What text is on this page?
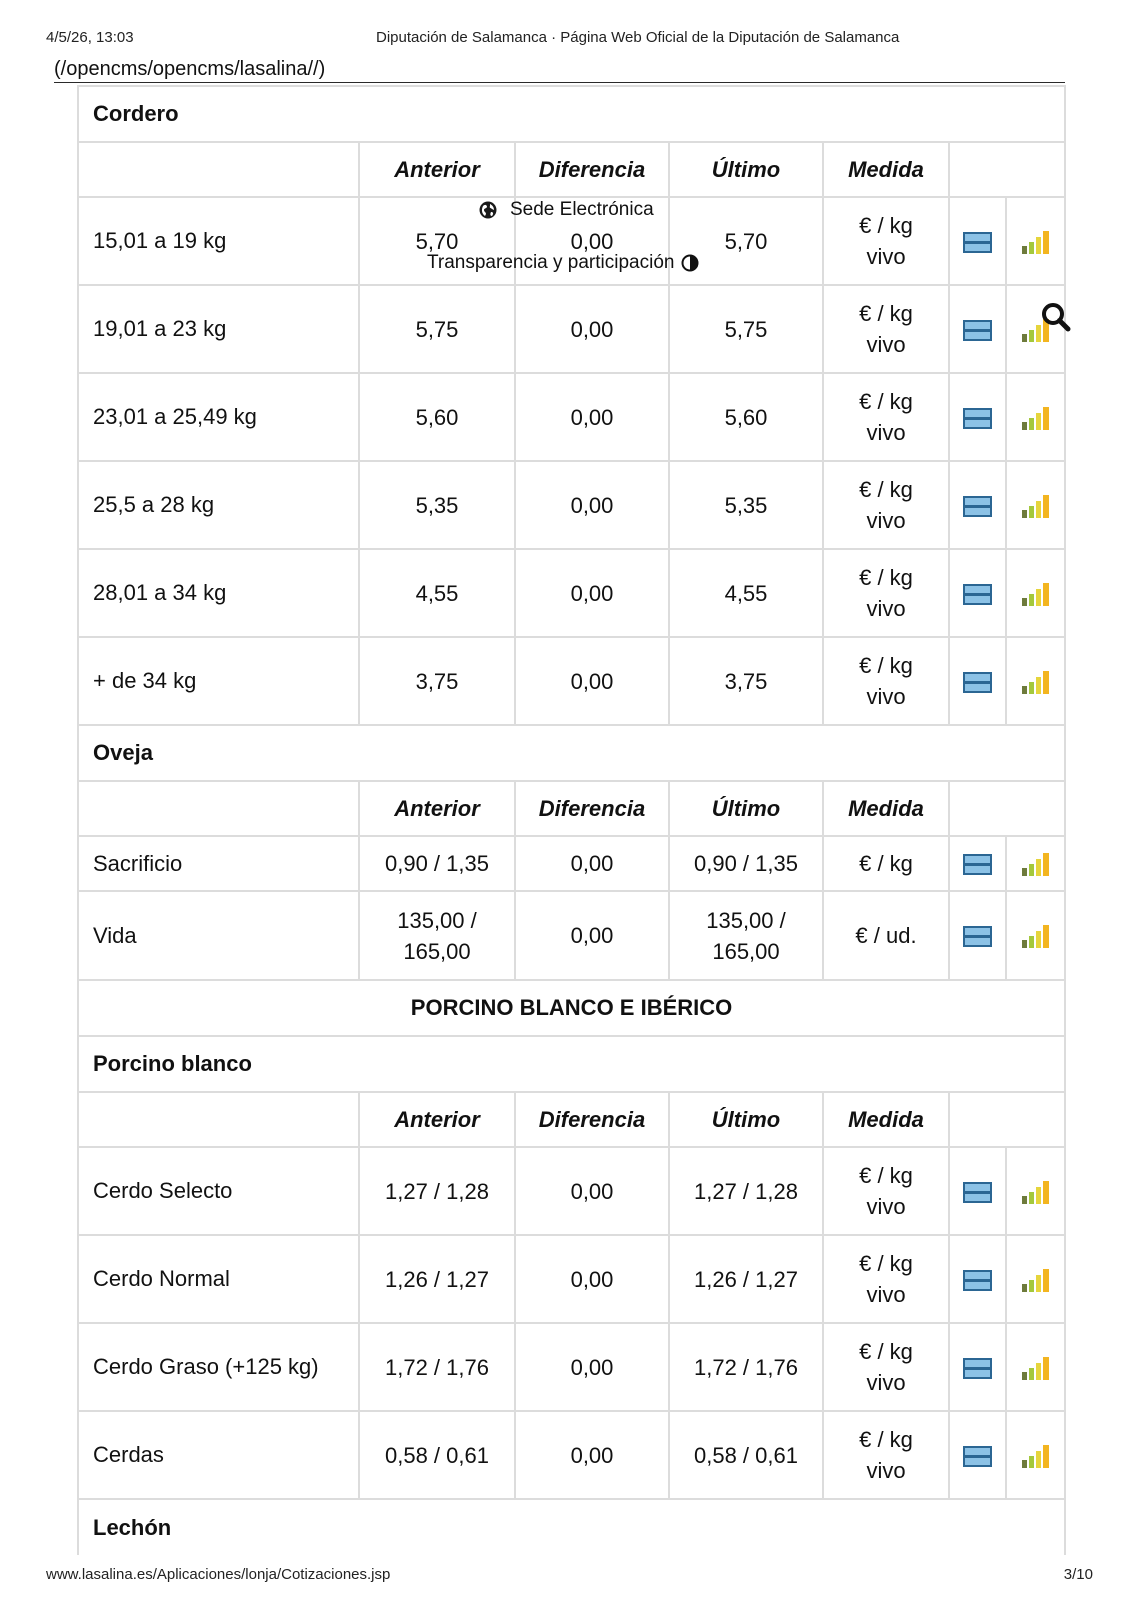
4/5/26, 13:03	Diputación de Salamanca · Página Web Oficial de la Diputación de Salamanca
(/opencms/opencms/lasalina//)
Cordero						
	Anterior	Diferencia	Último	Medida		
15,01 a 19 kg	5,70	0,00	5,70	€ / kg vivo		
19,01 a 23 kg	5,75	0,00	5,75	€ / kg vivo		
23,01 a 25,49 kg	5,60	0,00	5,60	€ / kg vivo		
25,5 a 28 kg	5,35	0,00	5,35	€ / kg vivo		
28,01 a 34 kg	4,55	0,00	4,55	€ / kg vivo		
+ de 34 kg	3,75	0,00	3,75	€ / kg vivo		
Oveja						
	Anterior	Diferencia	Último	Medida		
Sacrificio	0,90 / 1,35	0,00	0,90 / 1,35	€ / kg		
Vida	135,00 / 165,00	0,00	135,00 / 165,00	€ / ud.		
PORCINO BLANCO E IBÉRICO						
Porcino blanco						
	Anterior	Diferencia	Último	Medida		
Cerdo Selecto	1,27 / 1,28	0,00	1,27 / 1,28	€ / kg vivo		
Cerdo Normal	1,26 / 1,27	0,00	1,26 / 1,27	€ / kg vivo		
Cerdo Graso (+125 kg)	1,72 / 1,76	0,00	1,72 / 1,76	€ / kg vivo		
Cerdas	0,58 / 0,61	0,00	0,58 / 0,61	€ / kg vivo		
Lechón						
Sede Electrónica
Transparencia y participación
www.lasalina.es/Aplicaciones/lonja/Cotizaciones.jsp	3/10
